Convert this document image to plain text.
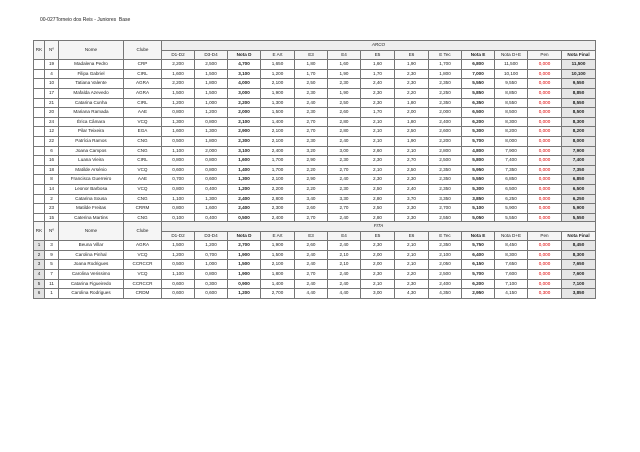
00-027Torneio dos Reis - Juniores  Base
RK	Nº	Nome	Clube	ARCO												
				D1-D2	D3-D4	Nota D	E Art	E3	E4	E5	E6	E Tec	Nota E	Nota D+E	Pen	Nota Final
	19	Madalena Pedro	CRP	2,200	2,500	4,700	1,650	1,80	1,60	1,60	1,90	1,700	6,800	11,500	0,000	11,500
	4	Filipa Gabriel	CIRL	1,600	1,500	3,100	1,200	1,70	1,90	1,70	2,30	1,800	7,000	10,100	0,000	10,100
	10	Tatiana Valente	AGRA	2,200	1,800	4,000	2,100	2,50	2,30	2,40	2,30	2,350	5,550	9,550	0,000	9,550
	17	Mafalda Azevedo	AGRA	1,500	1,500	3,000	1,900	2,30	1,90	2,30	2,20	2,250	5,850	8,850	0,000	8,850
	21	Catarina Cunha	CIRL	1,200	1,000	2,200	1,300	2,40	2,50	2,30	1,80	2,350	6,350	8,550	0,000	8,550
	20	Mariana Ramada	AAE	0,800	1,200	2,000	1,500	2,30	2,60	1,70	2,00	2,000	6,500	8,500	0,000	8,500
	24	Érica Câmara	VCQ	1,300	0,800	2,100	1,400	2,70	2,80	2,10	1,80	2,400	6,200	8,300	0,000	8,300
	12	Pilar Teixeira	EGA	1,600	1,300	2,900	2,100	2,70	2,80	2,10	2,50	2,600	5,300	8,200	0,000	8,200
	22	Patrícia Ramos	CNG	0,500	1,800	2,300	2,100	2,30	2,40	2,10	1,90	2,200	5,700	8,000	0,000	8,000
	6	Joana Campos	CNG	1,100	2,000	3,100	2,400	3,20	3,00	2,60	2,10	2,800	4,800	7,900	0,000	7,900
	16	Luana Vieira	CIRL	0,800	0,800	1,600	1,700	2,90	2,30	2,30	2,70	2,500	5,800	7,400	0,000	7,400
	18	Matilde Arsénio	VCQ	0,600	0,800	1,400	1,700	2,20	2,70	2,10	2,50	2,350	5,950	7,350	0,000	7,350
	8	Francisca Guerreiro	AAE	0,700	0,600	1,300	2,100	2,90	2,40	2,30	2,30	2,350	5,550	6,850	0,000	6,850
	14	Leonor Barbosa	VCQ	0,800	0,400	1,200	2,200	2,20	2,30	2,50	2,40	2,350	5,300	6,500	0,000	6,500
	2	Catarina Sousa	CNG	1,100	1,300	2,400	2,800	3,40	3,30	2,80	3,70	3,350	3,850	6,250	0,000	6,250
	23	Matilde Freitas	CRRM	0,800	1,600	2,400	2,300	2,60	2,70	2,50	2,30	2,700	5,100	5,900	0,000	5,900
	15	Caterina Martins	CNG	0,100	0,400	0,500	2,400	2,70	2,40	2,80	2,30	2,550	5,050	5,550	0,000	5,550
RK	Nº	Nome	Clube	FITA												
				D1-D2	D3-D4	Nota D	E Art	E3	E4	E5	E6	E Tec	Nota E	Nota D+E	Pen	Nota Final
1	3	Beuna Villar	AGRA	1,500	1,200	2,700	1,900	2,60	2,40	2,30	2,10	2,350	5,750	8,450	0,000	8,450
2	9	Carolina Pinhal	VCQ	1,200	0,700	1,900	1,500	2,40	2,10	2,00	2,10	2,100	6,400	8,300	0,000	8,300
3	5	Joana Rodrigues	CCRCCR	0,500	1,000	1,500	2,100	2,40	2,10	2,00	2,10	2,050	6,150	7,650	0,000	7,650
4	7	Carolina Verissimo	VCQ	1,100	0,800	1,900	1,800	2,70	2,40	2,30	2,20	2,500	5,700	7,600	0,000	7,600
5	11	Catarina Figueiredo	CCRCCR	0,600	0,300	0,900	1,400	2,40	2,40	2,10	2,30	2,400	6,200	7,100	0,000	7,100
6	1	Carolina Rodrigues	CRDM	0,600	0,600	1,200	2,700	4,40	4,40	3,00	4,30	4,350	2,950	4,150	0,300	3,850
